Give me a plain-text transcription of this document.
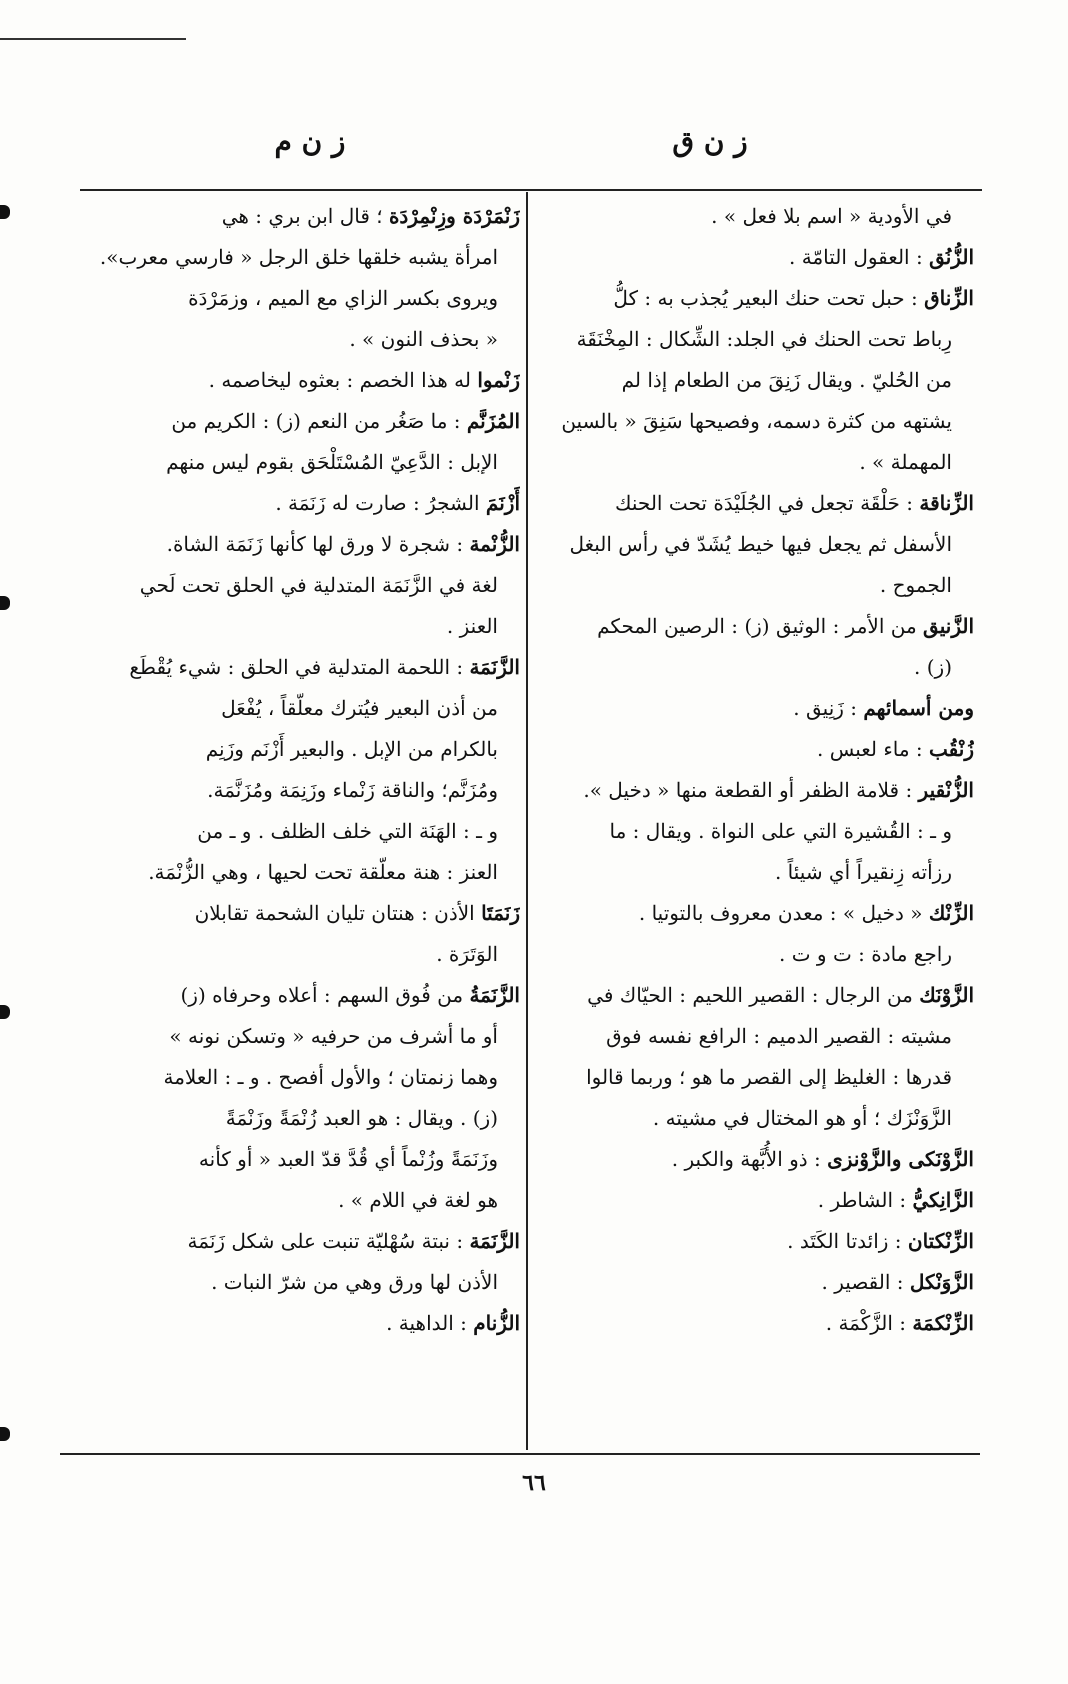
ز ن ق
ز ن م
في الأودية « اسم بلا فعل » .
الزُّنُق : العقول التامّة .
الزِّناق : حبل تحت حنك البعير يُجذب به : كلُّ
رِباط تحت الحنك في الجلد: الشِّكال : المِخْنَقَة
من الحُليّ . ويقال زَنِقَ من الطعام إذا لم
يشتهه من كثرة دسمه، وفصيحها سَنِقَ « بالسين
المهملة » .
الزِّناقة : حَلْقَة تجعل في الجُلَيْدَة تحت الحنك
الأسفل ثم يجعل فيها خيط يُشَدّ في رأس البغل
الجموح .
الزَّنيق من الأمر : الوثيق (ز) : الرصين المحكم
(ز) .
ومن أسمائهم : زَنِيق .
زُنْقُب : ماء لعبس .
الزُّنْقير : قلامة الظفر أو القطعة منها « دخيل ».
و ـ : القُشيرة التي على النواة . ويقال : ما
رزأته زِنقيراً أي شيئاً .
الزِّنْك « دخيل » : معدن معروف بالتوتيا .
راجع مادة : ت و ت .
الزَّوْنَك من الرجال : القصير اللحيم : الحيّاك في
مشيته : القصير الدميم : الرافع نفسه فوق
قدرها : الغليظ إلى القصر ما هو ؛ وربما قالوا
الزَّوَنْزَك ؛ أو هو المختال في مشيته .
الزَّوْنَكى والزَّوْنزى : ذو الأُبَّهة والكبر .
الزَّانِكيُّ : الشاطر .
الزِّنْكتان : زائدتا الكَتَد .
الزَّوَنْكل : القصير .
الزِّنْكمَة : الزَّكْمَة .
زَنْمَرْدَة وزِنْمِرْدَة ؛ قال ابن بري : هي
امرأة يشبه خلقها خلق الرجل « فارسي معرب».
ويروى بكسر الزاي مع الميم ، وزمَرْدَة
« بحذف النون » .
زَنْموا له هذا الخصم : بعثوه ليخاصمه .
المُزَنَّم : ما صَغُر من النعم (ز) : الكريم من
الإبل : الدَّعِيّ المُسْتَلْحَق بقوم ليس منهم
أَزْنَمَ الشجرُ : صارت له زَنَمَة .
الزُّنْمة : شجرة لا ورق لها كأنها زَنَمَة الشاة.
لغة في الزَّنَمَة المتدلية في الحلق تحت لَحي
العنز .
الزَّنَمَة : اللحمة المتدلية في الحلق : شيء يُقْطَع
من أذن البعير فيُترك معلّقاً ، يُفْعَل
بالكرام من الإبل . والبعير أَزْنَم وزَنِم
ومُزَنَّم؛ والناقة زَنْماء وزَنِمَة ومُزَنَّمَة.
و ـ : الهَنَة التي خلف الظلف . و ـ من
العنز : هنة معلّقة تحت لحيها ، وهي الزُّنْمَة.
زَنَمَتَا الأذن : هنتان تليان الشحمة تقابلان
الوَتَرَة .
الزَّنَمَةُ من فُوق السهم : أعلاه وحرفاه (ز)
أو ما أشرف من حرفيه « وتسكن نونه »
وهما زنمتان ؛ والأول أفصح . و ـ : العلامة
(ز) . ويقال : هو العبد زُنْمَةً وزَنْمَةً
وزَنَمَةً وزُنْماً أي قُدَّ قدّ العبد « أو كأنه
هو لغة في اللام » .
الزَّنَمَة : نبتة سُهْليّة تنبت على شكل زَنَمَة
الأذن لها ورق وهي من شرّ النبات .
الزُّنام : الداهية .
٦٦
